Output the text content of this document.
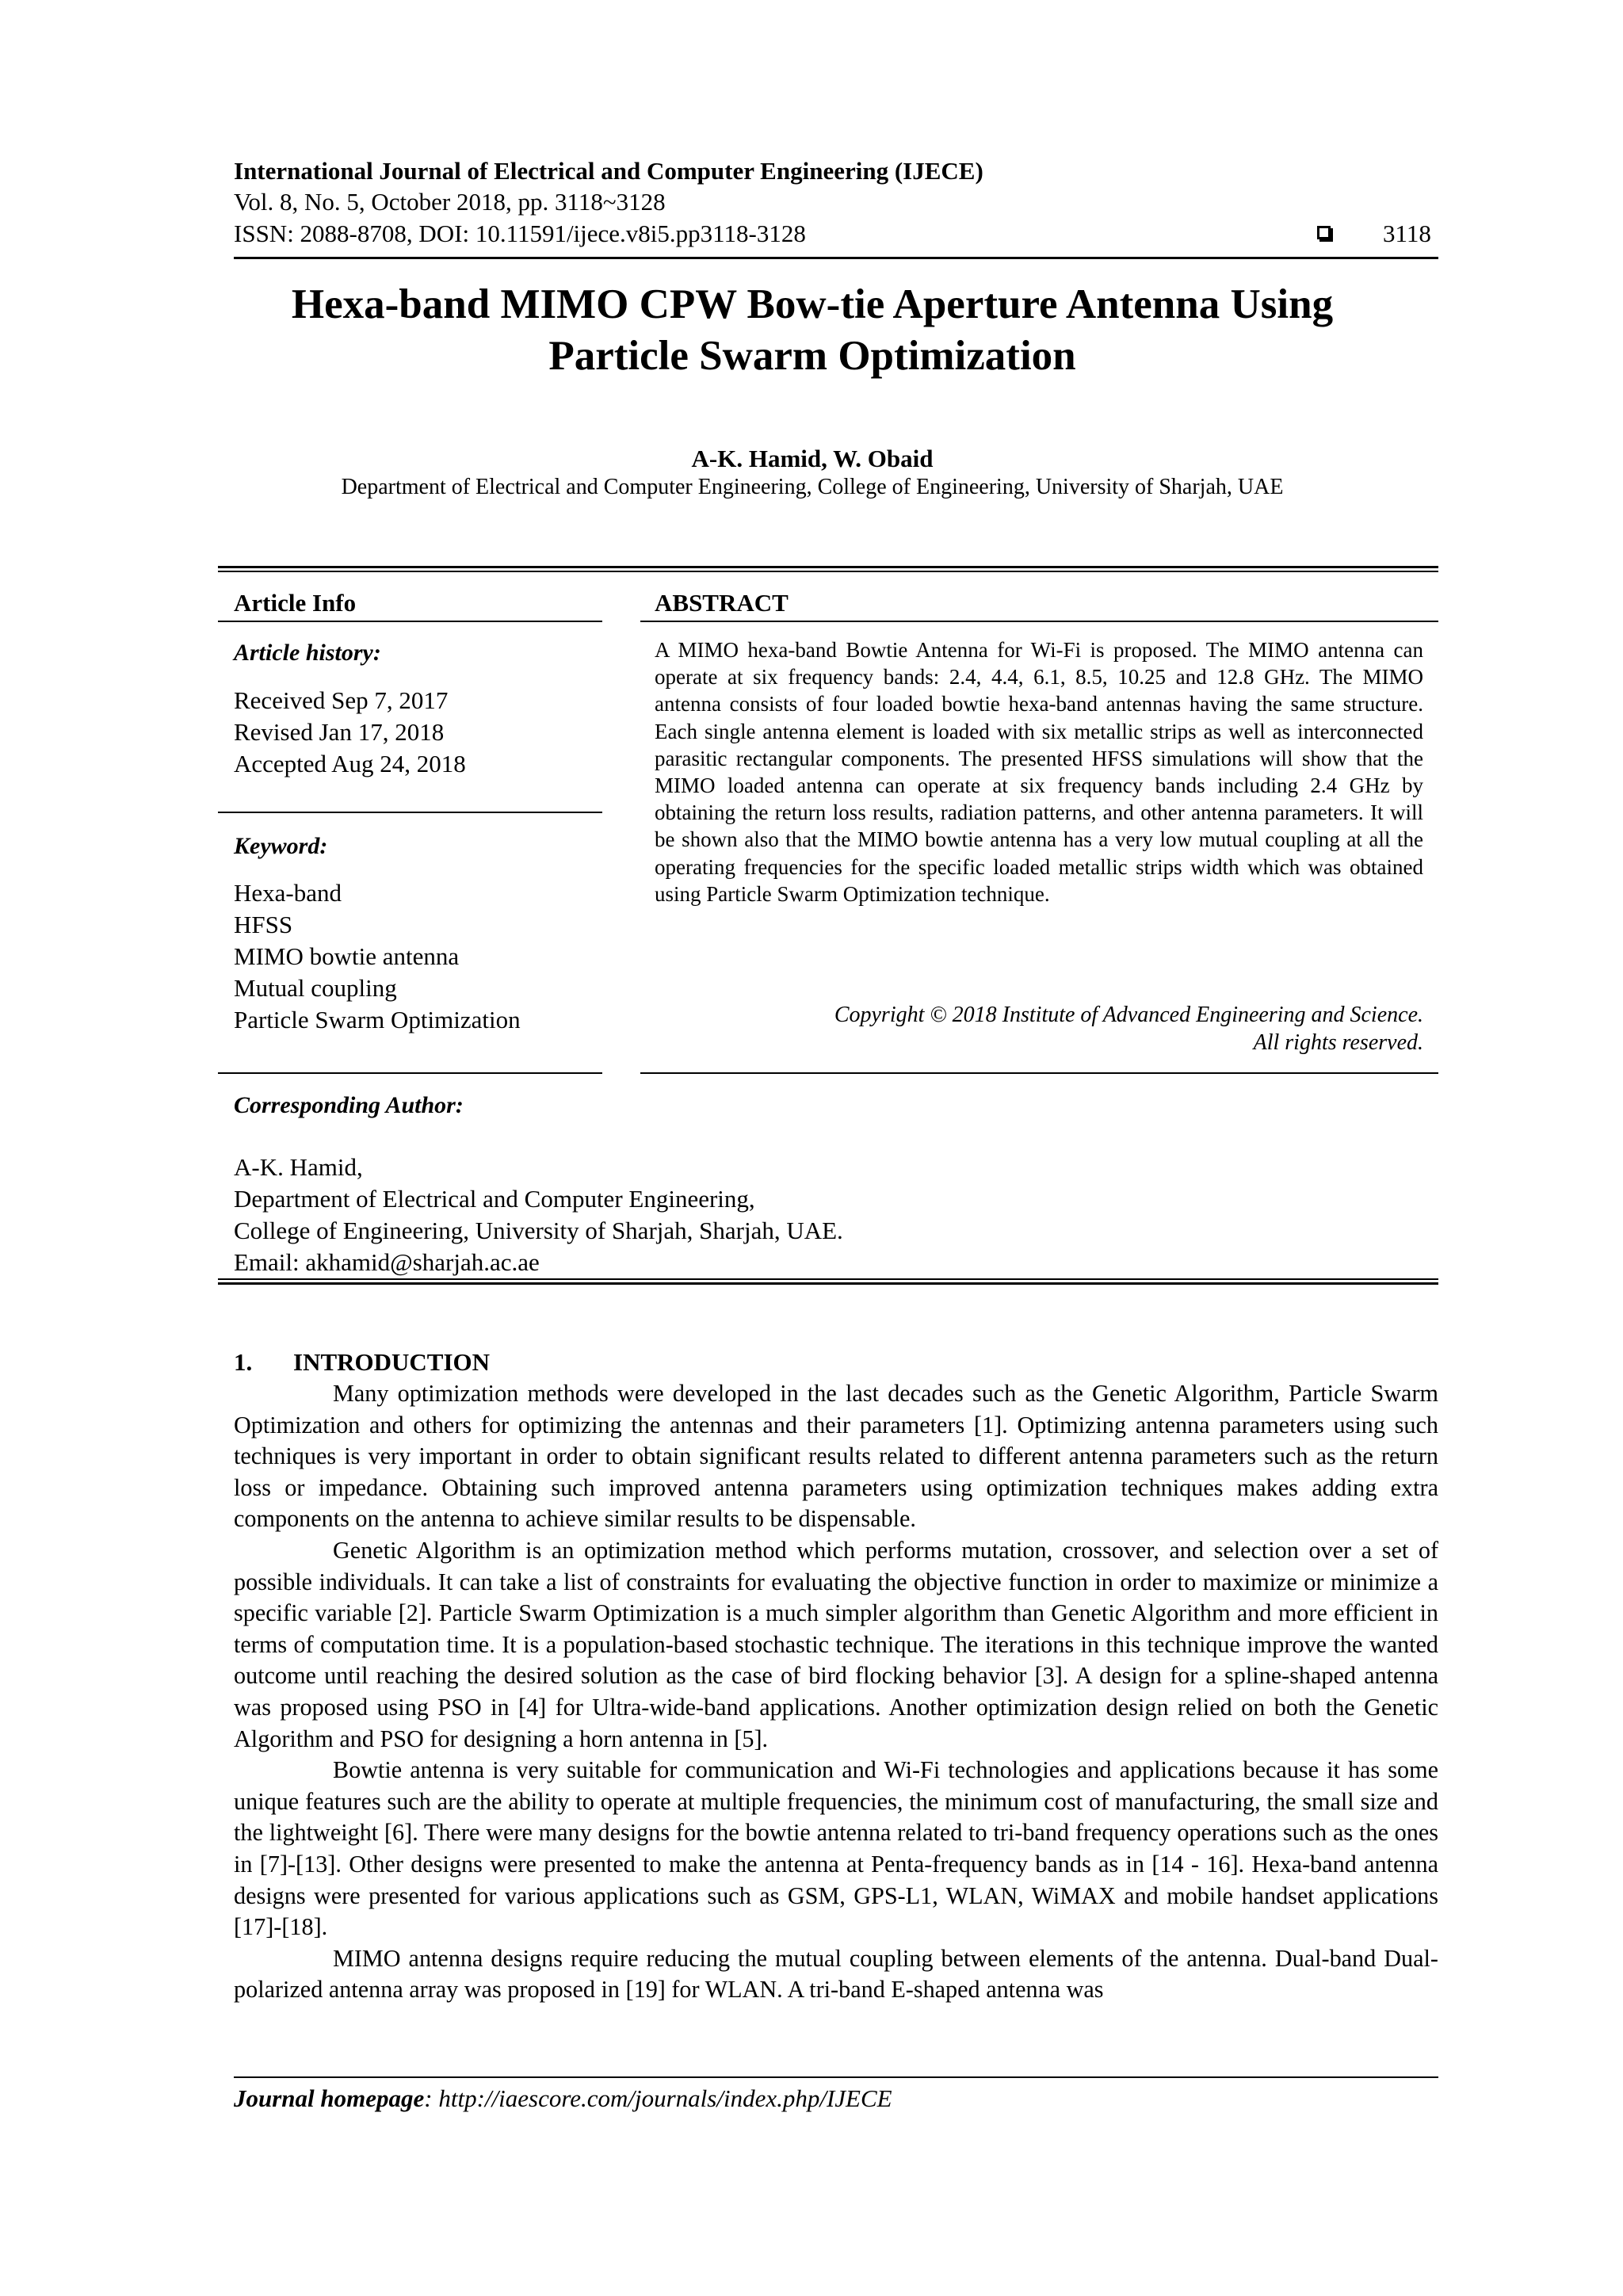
International Journal of Electrical and Computer Engineering (IJECE)
Vol. 8, No. 5, October 2018, pp. 3118~3128
ISSN: 2088-8708, DOI: 10.11591/ijece.v8i5.pp3118-3128	3118
Hexa-band MIMO CPW Bow-tie Aperture Antenna Using
Particle Swarm Optimization
A-K. Hamid, W. Obaid
Department of Electrical and Computer Engineering, College of Engineering, University of Sharjah, UAE
Article Info	ABSTRACT
Article history:
Received Sep 7, 2017
Revised Jan 17, 2018
Accepted Aug 24, 2018
Keyword:
Hexa-band
HFSS
MIMO bowtie antenna
Mutual coupling
Particle Swarm Optimization
A MIMO hexa-band Bowtie Antenna for Wi-Fi is proposed. The MIMO antenna can operate at six frequency bands: 2.4, 4.4, 6.1, 8.5, 10.25 and 12.8 GHz. The MIMO antenna consists of four loaded bowtie hexa-band antennas having the same structure. Each single antenna element is loaded with six metallic strips as well as interconnected parasitic rectangular components. The presented HFSS simulations will show that the MIMO loaded antenna can operate at six frequency bands including 2.4 GHz by obtaining the return loss results, radiation patterns, and other antenna parameters. It will be shown also that the MIMO bowtie antenna has a very low mutual coupling at all the operating frequencies for the specific loaded metallic strips width which was obtained using Particle Swarm Optimization technique.
Copyright © 2018 Institute of Advanced Engineering and Science.
All rights reserved.
Corresponding Author:
A-K. Hamid,
Department of Electrical and Computer Engineering,
College of Engineering, University of Sharjah, Sharjah, UAE.
Email: akhamid@sharjah.ac.ae
1. INTRODUCTION

Many optimization methods were developed in the last decades such as the Genetic Algorithm, Particle Swarm Optimization and others for optimizing the antennas and their parameters [1]. Optimizing antenna parameters using such techniques is very important in order to obtain significant results related to different antenna parameters such as the return loss or impedance. Obtaining such improved antenna parameters using optimization techniques makes adding extra components on the antenna to achieve similar results to be dispensable.

Genetic Algorithm is an optimization method which performs mutation, crossover, and selection over a set of possible individuals. It can take a list of constraints for evaluating the objective function in order to maximize or minimize a specific variable [2]. Particle Swarm Optimization is a much simpler algorithm than Genetic Algorithm and more efficient in terms of computation time. It is a population-based stochastic technique. The iterations in this technique improve the wanted outcome until reaching the desired solution as the case of bird flocking behavior [3]. A design for a spline-shaped antenna was proposed using PSO in [4] for Ultra-wide-band applications. Another optimization design relied on both the Genetic Algorithm and PSO for designing a horn antenna in [5].

Bowtie antenna is very suitable for communication and Wi-Fi technologies and applications because it has some unique features such are the ability to operate at multiple frequencies, the minimum cost of manufacturing, the small size and the lightweight [6]. There were many designs for the bowtie antenna related to tri-band frequency operations such as the ones in [7]-[13]. Other designs were presented to make the antenna at Penta-frequency bands as in [14 - 16]. Hexa-band antenna designs were presented for various applications such as GSM, GPS-L1, WLAN, WiMAX and mobile handset applications [17]-[18].

MIMO antenna designs require reducing the mutual coupling between elements of the antenna. Dual-band Dual-polarized antenna array was proposed in [19] for WLAN. A tri-band E-shaped antenna was

Journal homepage: http://iaescore.com/journals/index.php/IJECE
